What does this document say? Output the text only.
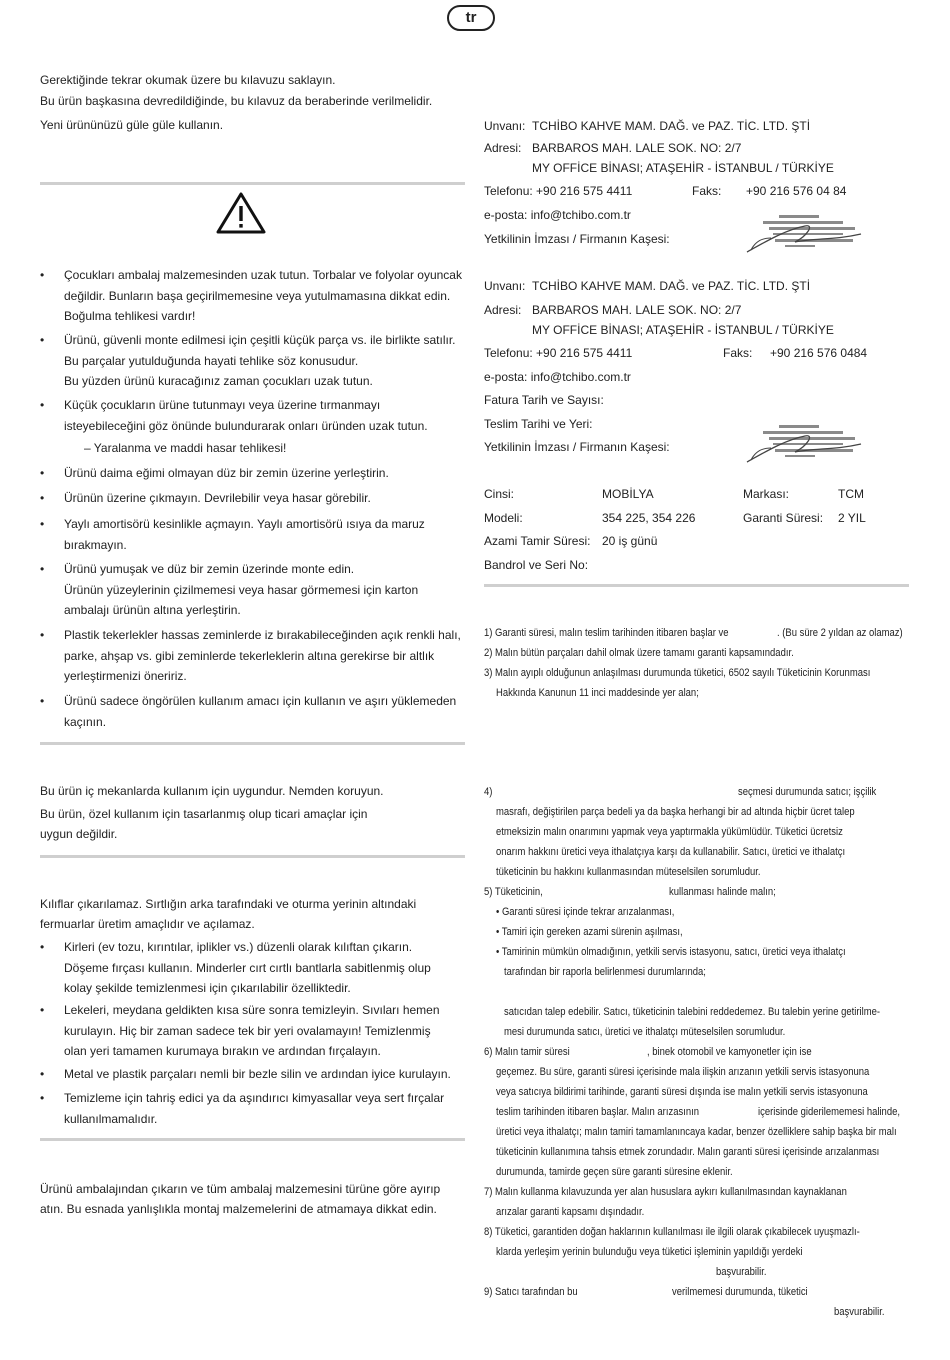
tr
Gerektiğinde tekrar okumak üzere bu kılavuzu saklayın.
Bu ürün başkasına devredildiğinde, bu kılavuz da beraberinde verilmelidir.
Yeni ürününüzü güle güle kullanın.
• Çocukları ambalaj malzemesinden uzak tutun. Torbalar ve folyolar oyuncak
değildir. Bunların başa geçirilmemesine veya yutulmamasına dikkat edin.
Boğulma tehlikesi vardır!
• Ürünü, güvenli monte edilmesi için çeşitli küçük parça vs. ile birlikte satılır.
Bu parçalar yutulduğunda hayati tehlike söz konusudur.
Bu yüzden ürünü kuracağınız zaman çocukları uzak tutun.
• Küçük çocukların ürüne tutunmayı veya üzerine tırmanmayı
isteyebileceğini göz önünde bulundurarak onları üründen uzak tutun.
• Ürünü daima eğimi olmayan düz bir zemin üzerine yerleştirin.
• Ürünün üzerine çıkmayın. Devrilebilir veya hasar görebilir.
• Yaylı amortisörü kesinlikle açmayın. Yaylı amortisörü ısıya da maruz
bırakmayın.
• Ürünü yumuşak ve düz bir zemin üzerinde monte edin.
Ürünün yüzeylerinin çizilmemesi veya hasar görmemesi için karton
ambalajı ürünün altına yerleştirin.
• Plastik tekerlekler hassas zeminlerde iz bırakabileceğinden açık renkli halı,
parke, ahşap vs. gibi zeminlerde tekerleklerin altına gerekirse bir altlık
yerleştirmenizi öneririz.
• Ürünü sadece öngörülen kullanım amacı için kullanın ve aşırı yüklemeden
kaçının.
– Yaralanma ve maddi hasar tehlikesi!
Bu ürün iç mekanlarda kullanım için uygundur. Nemden koruyun.
Bu ürün, özel kullanım için tasarlanmış olup ticari amaçlar için
uygun değildir.
Kılıflar çıkarılamaz. Sırtlığın arka tarafındaki ve oturma yerinin altındaki
fermuarlar üretim amaçlıdır ve açılamaz.
• Kirleri (ev tozu, kırıntılar, iplikler vs.) düzenli olarak kılıftan çıkarın.
Döşeme fırçası kullanın. Minderler cırt cırtlı bantlarla sabitlenmiş olup
kolay şekilde temizlenmesi için çıkarılabilir özelliktedir.
• Lekeleri, meydana geldikten kısa süre sonra temizleyin. Sıvıları hemen
kurulayın. Hiç bir zaman sadece tek bir yeri ovalamayın! Temizlenmiş
olan yeri tamamen kurumaya bırakın ve ardından fırçalayın.
• Metal ve plastik parçaları nemli bir bezle silin ve ardından iyice kurulayın.
• Temizleme için tahriş edici ya da aşındırıcı kimyasallar veya sert fırçalar
kullanılmamalıdır.
Ürünü ambalajından çıkarın ve tüm ambalaj malzemesini türüne göre ayırıp
atın. Bu esnada yanlışlıkla montaj malzemelerini de atmamaya dikkat edin.
Unvanı: TCHİBO KAHVE MAM. DAĞ. ve PAZ. TİC. LTD. ŞTİ
Adresi: BARBAROS MAH. LALE SOK. NO: 2/7
MY OFFİCE BİNASI; ATAŞEHİR - İSTANBUL / TÜRKİYE
Telefonu: +90 216 575 4411	Faks: +90 216 576 04 84
e-posta: info@tchibo.com.tr
Yetkilinin İmzası / Firmanın Kaşesi:
Unvanı: TCHİBO KAHVE MAM. DAĞ. ve PAZ. TİC. LTD. ŞTİ
Adresi: BARBAROS MAH. LALE SOK. NO: 2/7
MY OFFİCE BİNASI; ATAŞEHİR - İSTANBUL / TÜRKİYE
Telefonu: +90 216 575 4411	Faks: +90 216 576 0484
e-posta: info@tchibo.com.tr
Fatura Tarih ve Sayısı:
Teslim Tarihi ve Yeri:
Yetkilinin İmzası / Firmanın Kaşesi:
Cinsi:	MOBİLYA	Markası:	TCM
Modeli:	354 225, 354 226	Garanti Süresi: 2 YIL
Azami Tamir Süresi: 20 iş günü
Bandrol ve Seri No:
1) Garanti süresi, malın teslim tarihinden itibaren başlar ve	. (Bu süre 2 yıldan az olamaz)
2) Malın bütün parçaları dahil olmak üzere tamamı garanti kapsamındadır.
3) Malın ayıplı olduğunun anlaşılması durumunda tüketici, 6502 sayılı Tüketicinin Korunması
Hakkında Kanunun 11 inci maddesinde yer alan;
4)	seçmesi durumunda satıcı; işçilik
masrafı, değiştirilen parça bedeli ya da başka herhangi bir ad altında hiçbir ücret talep
etmeksizin malın onarımını yapmak veya yaptırmakla yükümlüdür. Tüketici ücretsiz
onarım hakkını üretici veya ithalatçıya karşı da kullanabilir. Satıcı, üretici ve ithalatçı
tüketicinin bu hakkını kullanmasından müteselsilen sorumludur.
5) Tüketicinin,	kullanması halinde malın;
• Garanti süresi içinde tekrar arızalanması,
• Tamiri için gereken azami sürenin aşılması,
• Tamirinin mümkün olmadığının, yetkili servis istasyonu, satıcı, üretici veya ithalatçı
tarafından bir raporla belirlenmesi durumlarında;
satıcıdan talep edebilir. Satıcı, tüketicinin talebini reddedemez. Bu talebin yerine getirilme-
mesi durumunda satıcı, üretici ve ithalatçı müteselsilen sorumludur.
6) Malın tamir süresi	, binek otomobil ve kamyonetler için ise
geçemez. Bu süre, garanti süresi içerisinde mala ilişkin arızanın yetkili servis istasyonuna
veya satıcıya bildirimi tarihinde, garanti süresi dışında ise malın yetkili servis istasyonuna
teslim tarihinden itibaren başlar. Malın arızasının	içerisinde giderilememesi halinde,
üretici veya ithalatçı; malın tamiri tamamlanıncaya kadar, benzer özelliklere sahip başka bir malı
tüketicinin kullanımına tahsis etmek zorundadır. Malın garanti süresi içerisinde arızalanması
durumunda, tamirde geçen süre garanti süresine eklenir.
7) Malın kullanma kılavuzunda yer alan hususlara aykırı kullanılmasından kaynaklanan
arızalar garanti kapsamı dışındadır.
8) Tüketici, garantiden doğan haklarının kullanılması ile ilgili olarak çıkabilecek uyuşmazlı-
klarda yerleşim yerinin bulunduğu veya tüketici işleminin yapıldığı yerdeki
başvurabilir.
9) Satıcı tarafından bu	verilmemesi durumunda, tüketici
başvurabilir.
